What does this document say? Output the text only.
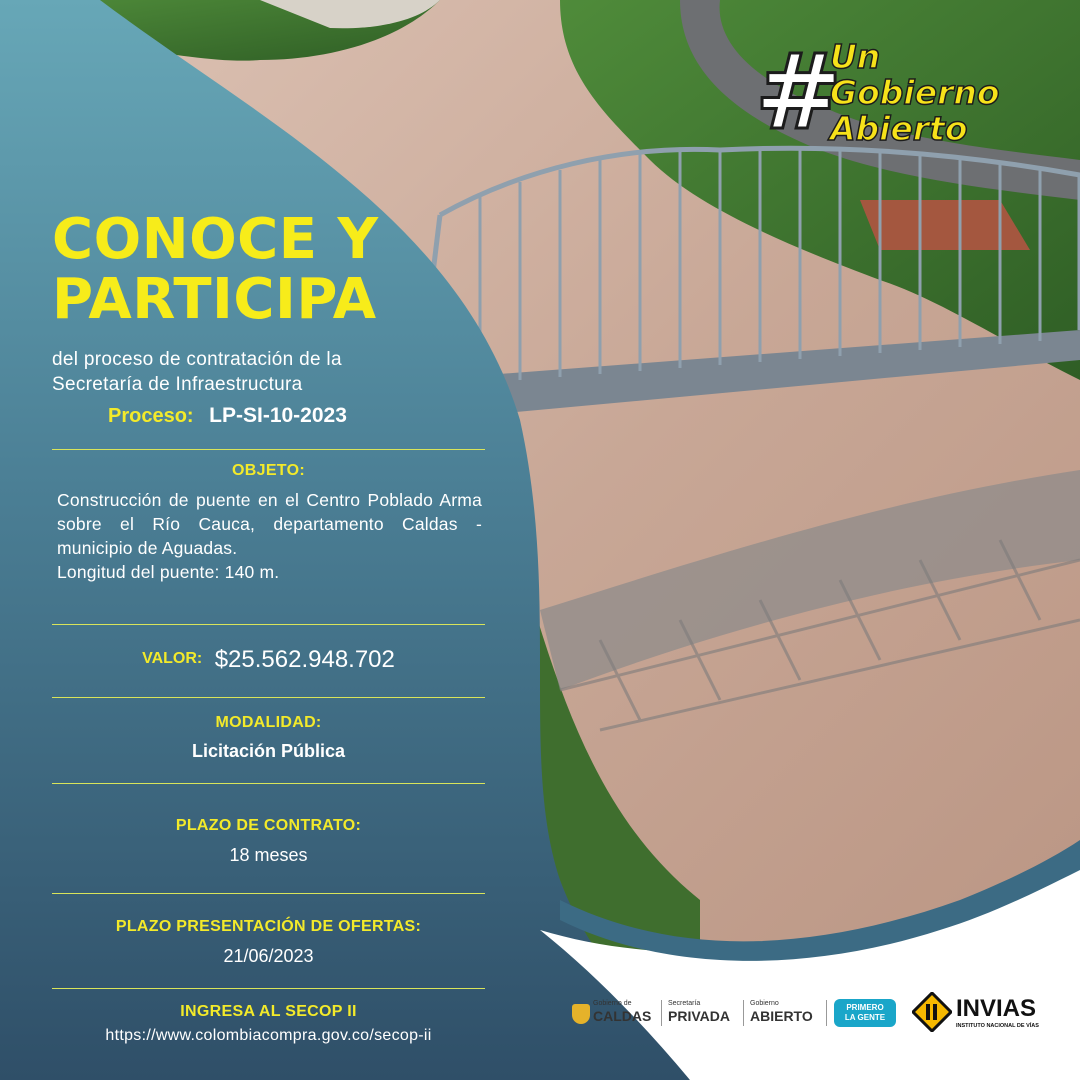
#
Un
Gobierno
Abierto
CONOCE Y
PARTICIPA

del proceso de contratación de la Secretaría de Infraestructura

Proceso: LP-SI-10-2023
OBJETO:
Construcción de puente en el Centro Poblado Arma sobre el Río Cauca, departamento Caldas - municipio de Aguadas.
Longitud del puente: 140 m.
VALOR: $25.562.948.702
MODALIDAD:
Licitación Pública
PLAZO DE CONTRATO:
18 meses
PLAZO PRESENTACIÓN DE OFERTAS:
21/06/2023
INGRESA AL SECOP II
https://www.colombiacompra.gov.co/secop-ii
Gobierno de
CALDAS
Secretaría
PRIVADA
Gobierno
ABIERTO
PRIMERO
LA GENTE	INVIAS
INSTITUTO NACIONAL DE VÍAS
